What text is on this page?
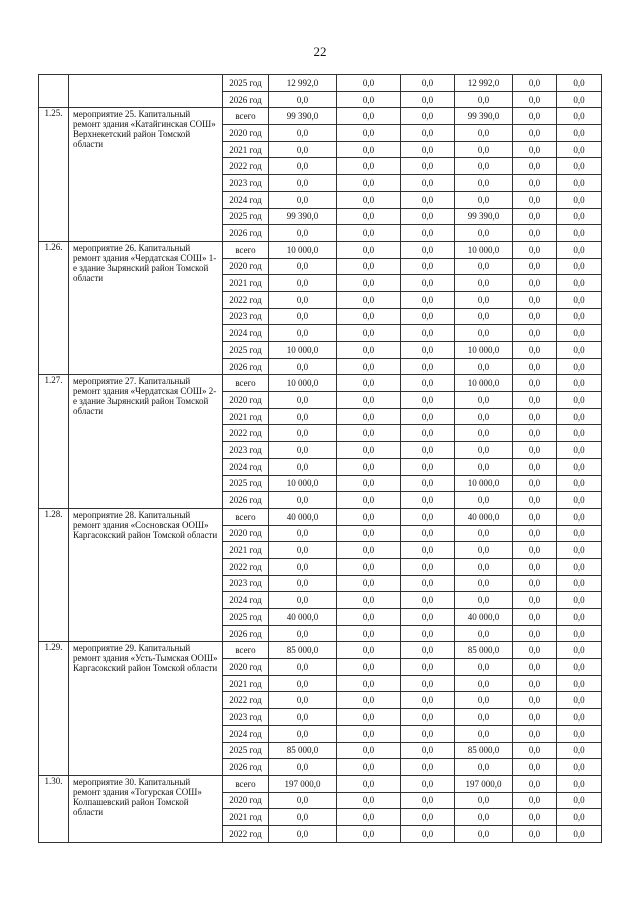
22
		2025 год	12 992,0	0,0	0,0	12 992,0	0,0	0,0
		2026 год	0,0	0,0	0,0	0,0	0,0	0,0
1.25.	мероприятие 25. Капитальный ремонт здания «Катайгинская СОШ» Верхнекетский район Томской области	всего	99 390,0	0,0	0,0	99 390,0	0,0	0,0
		2020 год	0,0	0,0	0,0	0,0	0,0	0,0
		2021 год	0,0	0,0	0,0	0,0	0,0	0,0
		2022 год	0,0	0,0	0,0	0,0	0,0	0,0
		2023 год	0,0	0,0	0,0	0,0	0,0	0,0
		2024 год	0,0	0,0	0,0	0,0	0,0	0,0
		2025 год	99 390,0	0,0	0,0	99 390,0	0,0	0,0
		2026 год	0,0	0,0	0,0	0,0	0,0	0,0
1.26.	мероприятие 26. Капитальный ремонт здания «Чердатская СОШ» 1-е здание Зырянский район Томской области	всего	10 000,0	0,0	0,0	10 000,0	0,0	0,0
		2020 год	0,0	0,0	0,0	0,0	0,0	0,0
		2021 год	0,0	0,0	0,0	0,0	0,0	0,0
		2022 год	0,0	0,0	0,0	0,0	0,0	0,0
		2023 год	0,0	0,0	0,0	0,0	0,0	0,0
		2024 год	0,0	0,0	0,0	0,0	0,0	0,0
		2025 год	10 000,0	0,0	0,0	10 000,0	0,0	0,0
		2026 год	0,0	0,0	0,0	0,0	0,0	0,0
1.27.	мероприятие 27. Капитальный ремонт здания «Чердатская СОШ» 2-е здание Зырянский район Томской области	всего	10 000,0	0,0	0,0	10 000,0	0,0	0,0
		2020 год	0,0	0,0	0,0	0,0	0,0	0,0
		2021 год	0,0	0,0	0,0	0,0	0,0	0,0
		2022 год	0,0	0,0	0,0	0,0	0,0	0,0
		2023 год	0,0	0,0	0,0	0,0	0,0	0,0
		2024 год	0,0	0,0	0,0	0,0	0,0	0,0
		2025 год	10 000,0	0,0	0,0	10 000,0	0,0	0,0
		2026 год	0,0	0,0	0,0	0,0	0,0	0,0
1.28.	мероприятие 28. Капитальный ремонт здания «Сосновская ООШ» Каргасокский район Томской области	всего	40 000,0	0,0	0,0	40 000,0	0,0	0,0
		2020 год	0,0	0,0	0,0	0,0	0,0	0,0
		2021 год	0,0	0,0	0,0	0,0	0,0	0,0
		2022 год	0,0	0,0	0,0	0,0	0,0	0,0
		2023 год	0,0	0,0	0,0	0,0	0,0	0,0
		2024 год	0,0	0,0	0,0	0,0	0,0	0,0
		2025 год	40 000,0	0,0	0,0	40 000,0	0,0	0,0
		2026 год	0,0	0,0	0,0	0,0	0,0	0,0
1.29.	мероприятие 29. Капитальный ремонт здания «Усть-Тымская ООШ» Каргасокский район Томской области	всего	85 000,0	0,0	0,0	85 000,0	0,0	0,0
		2020 год	0,0	0,0	0,0	0,0	0,0	0,0
		2021 год	0,0	0,0	0,0	0,0	0,0	0,0
		2022 год	0,0	0,0	0,0	0,0	0,0	0,0
		2023 год	0,0	0,0	0,0	0,0	0,0	0,0
		2024 год	0,0	0,0	0,0	0,0	0,0	0,0
		2025 год	85 000,0	0,0	0,0	85 000,0	0,0	0,0
		2026 год	0,0	0,0	0,0	0,0	0,0	0,0
1.30.	мероприятие 30. Капитальный ремонт здания «Тогурская СОШ» Колпашевский район Томской области	всего	197 000,0	0,0	0,0	197 000,0	0,0	0,0
		2020 год	0,0	0,0	0,0	0,0	0,0	0,0
		2021 год	0,0	0,0	0,0	0,0	0,0	0,0
		2022 год	0,0	0,0	0,0	0,0	0,0	0,0
